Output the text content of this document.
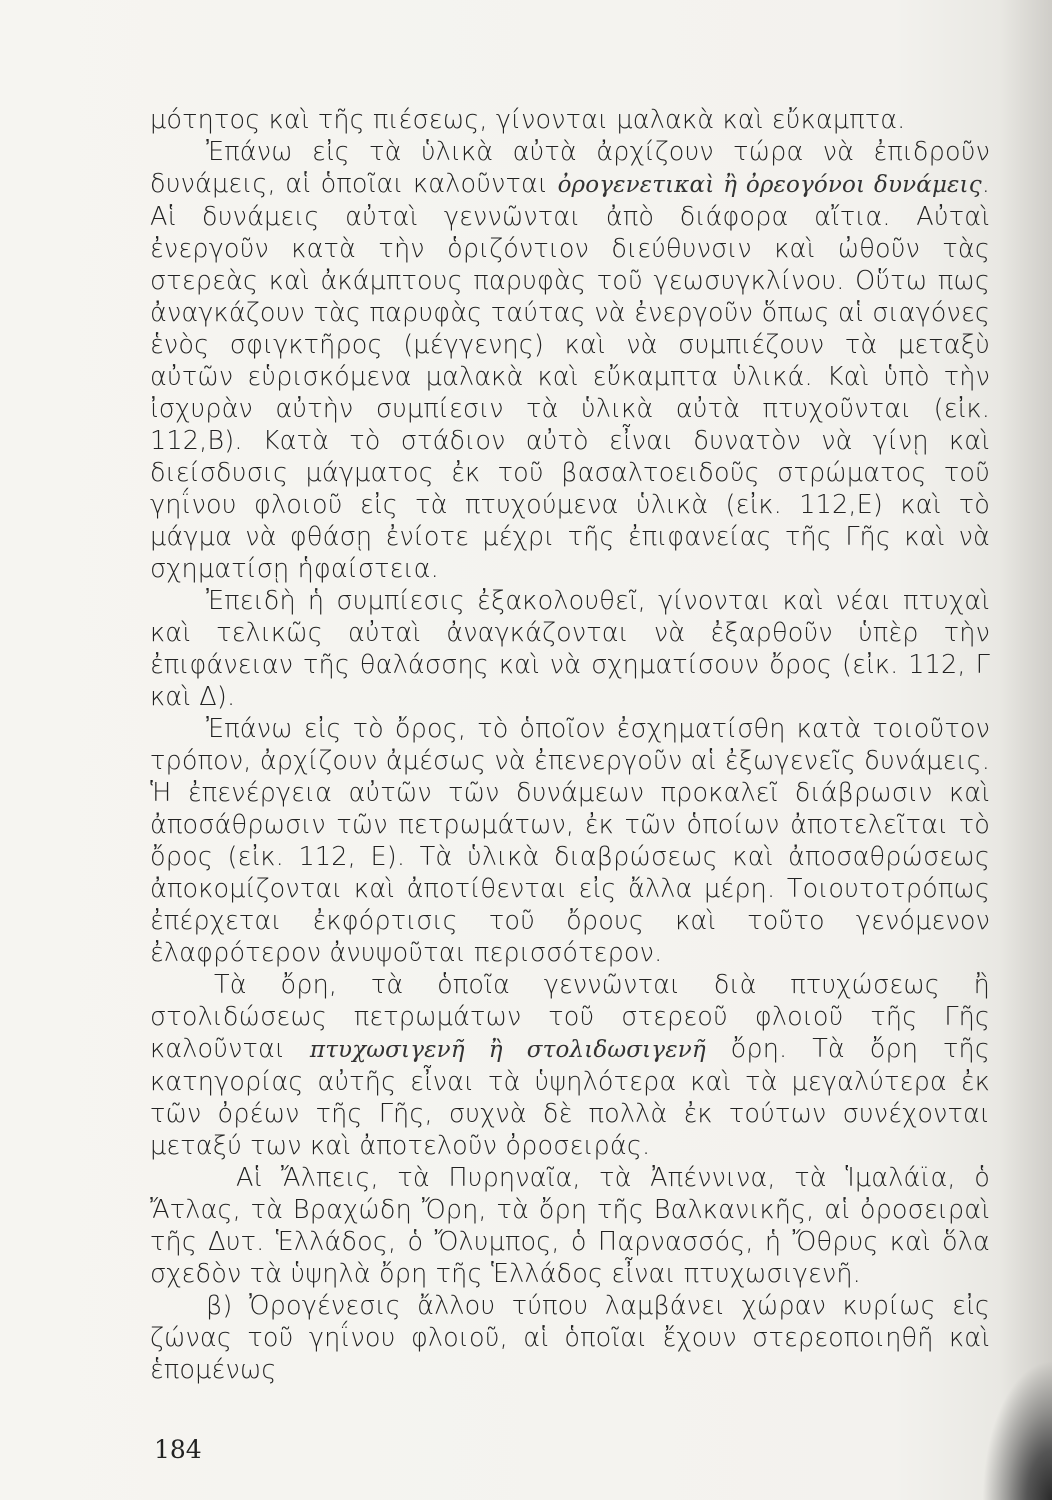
μότητος καὶ τῆς πιέσεως, γίνονται μαλακὰ καὶ εὔκαμπτα.

Ἐπάνω εἰς τὰ ὑλικὰ αὐτὰ ἀρχίζουν τώρα νὰ ἐπιδροῦν δυνάμεις, αἱ ὁποῖαι καλοῦνται ὀρογενετικαὶ ἢ ὀρεογόνοι δυνάμεις. Αἱ δυνάμεις αὐταὶ γεννῶνται ἀπὸ διάφορα αἴτια. Αὐταὶ ἐνεργοῦν κατὰ τὴν ὁριζόντιον διεύθυνσιν καὶ ὠθοῦν τὰς στερεὰς καὶ ἀκάμπτους παρυφὰς τοῦ γεωσυγκλίνου. Οὕτω πως ἀναγκάζουν τὰς παρυφὰς ταύτας νὰ ἐνεργοῦν ὅπως αἱ σιαγόνες ἑνὸς σφιγκτῆρος (μέγγενης) καὶ νὰ συμπιέζουν τὰ μεταξὺ αὐτῶν εὑρισκόμενα μαλακὰ καὶ εὔκαμπτα ὑλικά. Καὶ ὑπὸ τὴν ἰσχυρὰν αὐτὴν συμπίεσιν τὰ ὑλικὰ αὐτὰ πτυχοῦνται (εἰκ. 112,Β). Κατὰ τὸ στάδιον αὐτὸ εἶναι δυνατὸν νὰ γίνῃ καὶ διείσδυσις μάγματος ἐκ τοῦ βασαλτοειδοῦς στρώματος τοῦ γηΐνου φλοιοῦ εἰς τὰ πτυχούμενα ὑλικὰ (εἰκ. 112,Ε) καὶ τὸ μάγμα νὰ φθάσῃ ἐνίοτε μέχρι τῆς ἐπιφανείας τῆς Γῆς καὶ νὰ σχηματίσῃ ἡφαίστεια.

Ἐπειδὴ ἡ συμπίεσις ἐξακολουθεῖ, γίνονται καὶ νέαι πτυχαὶ καὶ τελικῶς αὐταὶ ἀναγκάζονται νὰ ἐξαρθοῦν ὑπὲρ τὴν ἐπιφάνειαν τῆς θαλάσσης καὶ νὰ σχηματίσουν ὄρος (εἰκ. 112, Γ καὶ Δ).

Ἐπάνω εἰς τὸ ὄρος, τὸ ὁποῖον ἐσχηματίσθη κατὰ τοιοῦτον τρόπον, ἀρχίζουν ἀμέσως νὰ ἐπενεργοῦν αἱ ἐξωγενεῖς δυνάμεις. Ἡ ἐπενέργεια αὐτῶν τῶν δυνάμεων προκαλεῖ διάβρωσιν καὶ ἀποσάθρωσιν τῶν πετρωμάτων, ἐκ τῶν ὁποίων ἀποτελεῖται τὸ ὄρος (εἰκ. 112, Ε). Τὰ ὑλικὰ διαβρώσεως καὶ ἀποσαθρώσεως ἀποκομίζονται καὶ ἀποτίθενται εἰς ἄλλα μέρη. Τοιουτοτρόπως ἐπέρχεται ἐκφόρτισις τοῦ ὄρους καὶ τοῦτο γενόμενον ἐλαφρότερον ἀνυψοῦται περισσότερον.

Τὰ ὄρη, τὰ ὁποῖα γεννῶνται διὰ πτυχώσεως ἢ στολιδώσεως πετρωμάτων τοῦ στερεοῦ φλοιοῦ τῆς Γῆς καλοῦνται πτυχωσιγενῆ ἢ στολιδωσιγενῆ ὄρη. Τὰ ὄρη τῆς κατηγορίας αὐτῆς εἶναι τὰ ὑψηλότερα καὶ τὰ μεγαλύτερα ἐκ τῶν ὀρέων τῆς Γῆς, συχνὰ δὲ πολλὰ ἐκ τούτων συνέχονται μεταξύ των καὶ ἀποτελοῦν ὀροσειράς.

Αἱ Ἄλπεις, τὰ Πυρηναῖα, τὰ Ἀπέννινα, τὰ Ἱμαλάϊα, ὁ Ἄτλας, τὰ Βραχώδη Ὄρη, τὰ ὄρη τῆς Βαλκανικῆς, αἱ ὀροσειραὶ τῆς Δυτ. Ἑλλάδος, ὁ Ὄλυμπος, ὁ Παρνασσός, ἡ Ὄθρυς καὶ ὅλα σχεδὸν τὰ ὑψηλὰ ὄρη τῆς Ἑλλάδος εἶναι πτυχωσιγενῆ.

β) Ὀρογένεσις ἄλλου τύπου λαμβάνει χώραν κυρίως εἰς ζώνας τοῦ γηΐνου φλοιοῦ, αἱ ὁποῖαι ἔχουν στερεοποιηθῆ καὶ ἑπομένως

184
